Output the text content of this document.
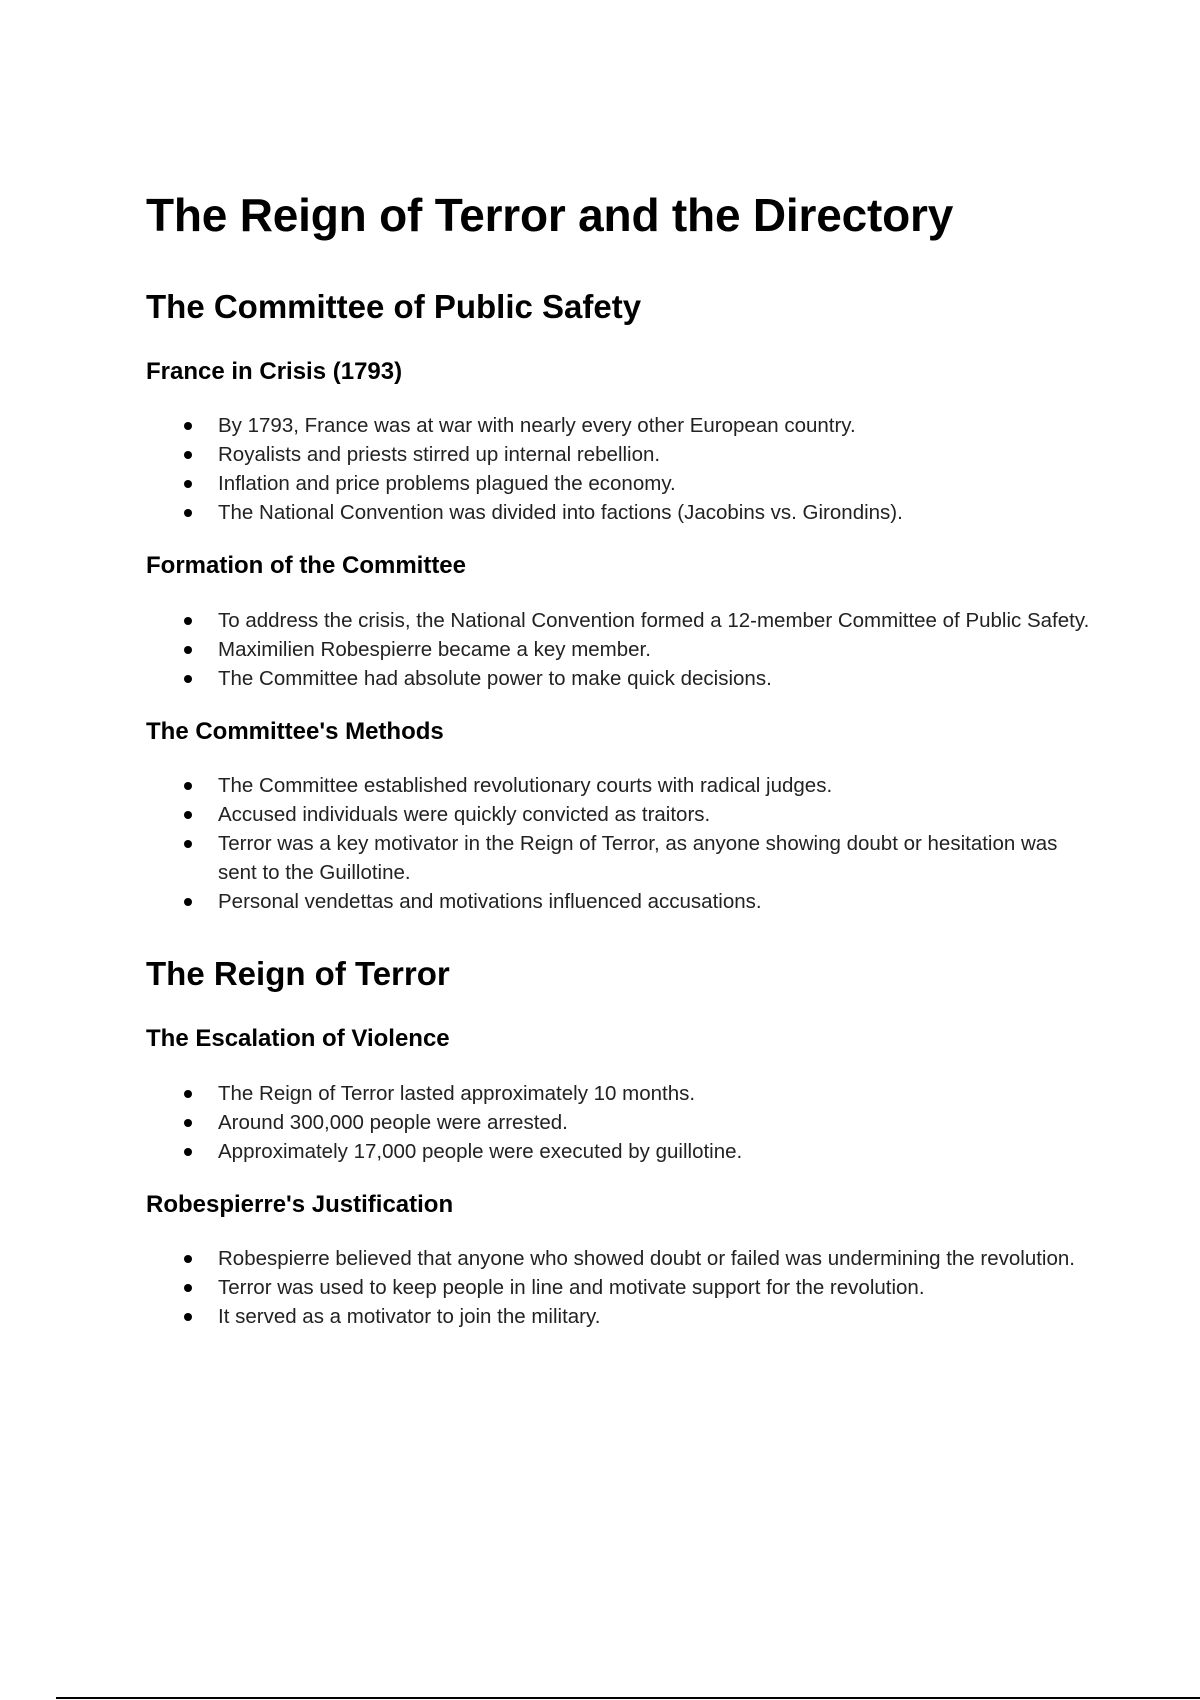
The Reign of Terror and the Directory
The Committee of Public Safety
France in Crisis (1793)
By 1793, France was at war with nearly every other European country.
Royalists and priests stirred up internal rebellion.
Inflation and price problems plagued the economy.
The National Convention was divided into factions (Jacobins vs. Girondins).
Formation of the Committee
To address the crisis, the National Convention formed a 12-member Committee of Public Safety.
Maximilien Robespierre became a key member.
The Committee had absolute power to make quick decisions.
The Committee's Methods
The Committee established revolutionary courts with radical judges.
Accused individuals were quickly convicted as traitors.
Terror was a key motivator in the Reign of Terror, as anyone showing doubt or hesitation was sent to the Guillotine.
Personal vendettas and motivations influenced accusations.
The Reign of Terror
The Escalation of Violence
The Reign of Terror lasted approximately 10 months.
Around 300,000 people were arrested.
Approximately 17,000 people were executed by guillotine.
Robespierre's Justification
Robespierre believed that anyone who showed doubt or failed was undermining the revolution.
Terror was used to keep people in line and motivate support for the revolution.
It served as a motivator to join the military.
